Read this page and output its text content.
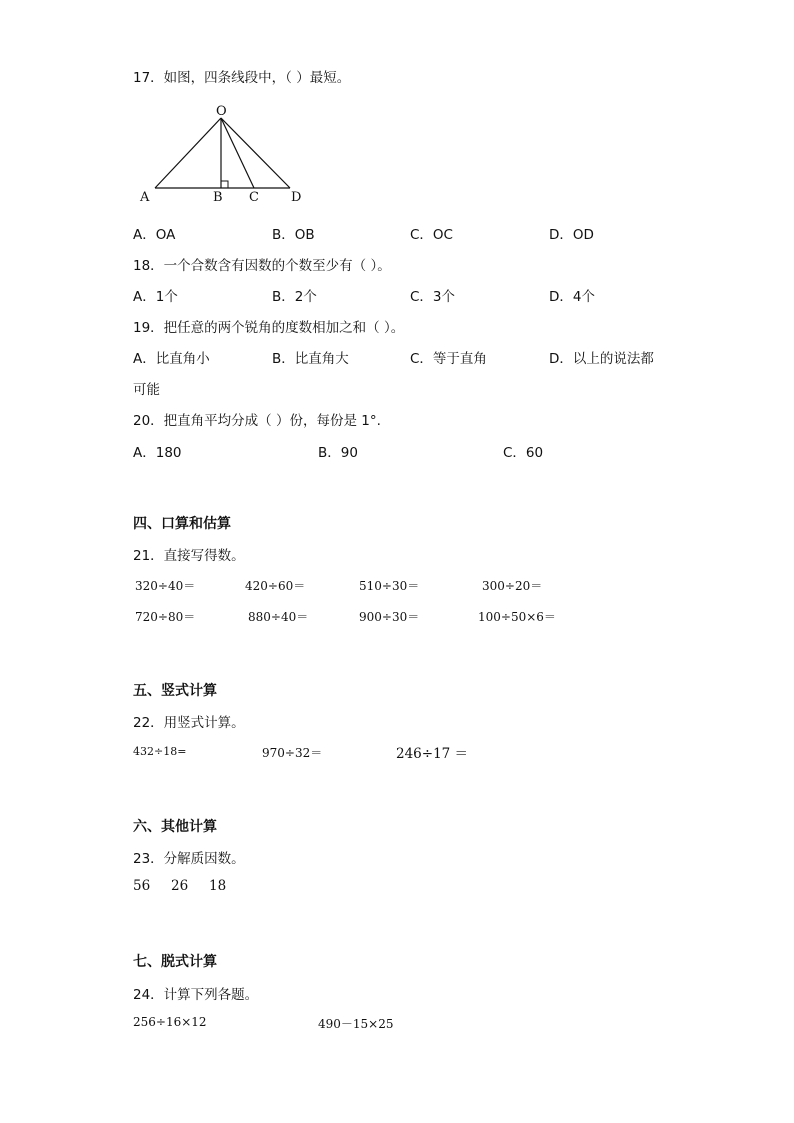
17．如图，四条线段中，（ ）最短。
O
A	B C D
A．OA	B．OB	C．OC	D．OD
18．一个合数含有因数的个数至少有（ ）。
A．1个	B．2个	C．3个	D．4个
19．把任意的两个锐角的度数相加之和（ ）。
A．比直角小	B．比直角大	C．等于直角	D．以上的说法都
可能
20．把直角平均分成（ ）份，每份是 1°.
A．180	B．90	C．60
四、口算和估算
21．直接写得数。
320÷40＝	420÷60＝	510÷30＝	300÷20＝
720÷80＝	880÷40＝	900÷30＝	100÷50×6＝
五、竖式计算
22．用竖式计算。
432÷18=	970÷32＝	246÷17 ＝
六、其他计算
23．分解质因数。
56 26 18
七、脱式计算
24．计算下列各题。
256÷16×12	490－15×25
